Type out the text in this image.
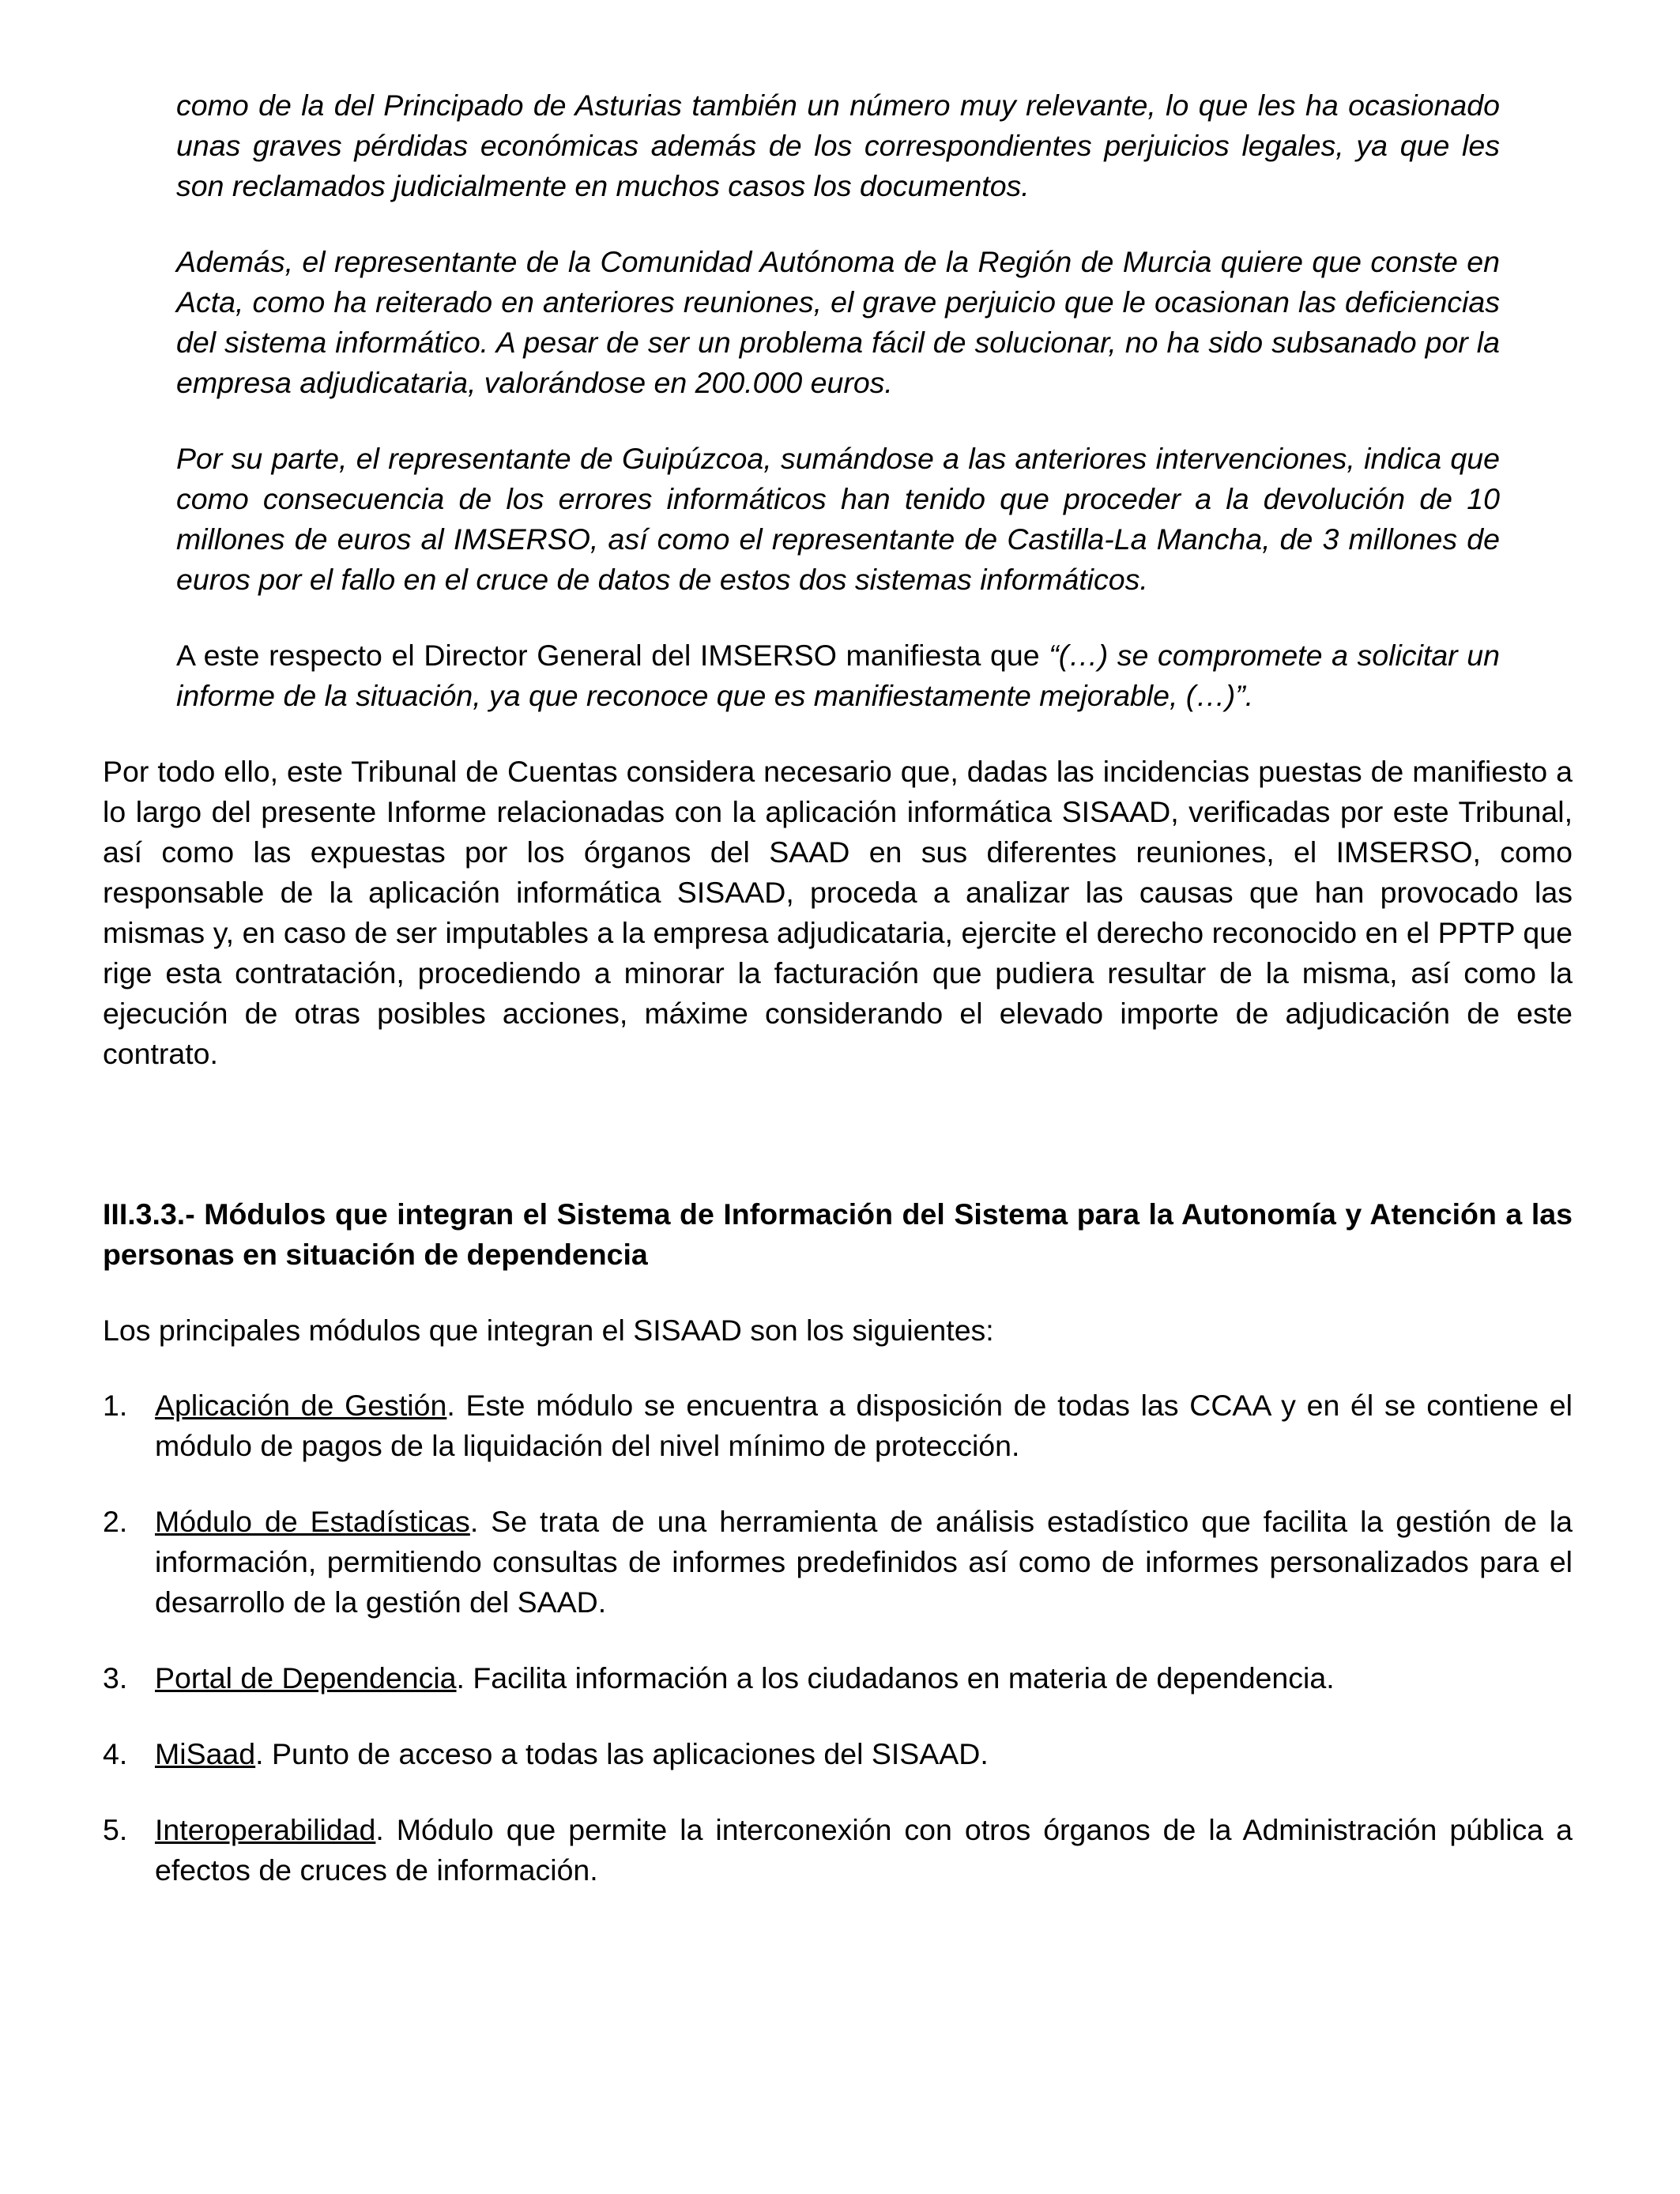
como de la del Principado de Asturias también un número muy relevante, lo que les ha ocasionado unas graves pérdidas económicas además de los correspondientes perjuicios legales, ya que les son reclamados judicialmente en muchos casos los documentos.

Además, el representante de la Comunidad Autónoma de la Región de Murcia quiere que conste en Acta, como ha reiterado en anteriores reuniones, el grave perjuicio que le ocasionan las deficiencias del sistema informático. A pesar de ser un problema fácil de solucionar, no ha sido subsanado por la empresa adjudicataria, valorándose en 200.000 euros.

Por su parte, el representante de Guipúzcoa, sumándose a las anteriores intervenciones, indica que como consecuencia de los errores informáticos han tenido que proceder a la devolución de 10 millones de euros al IMSERSO, así como el representante de Castilla-La Mancha, de 3 millones de euros por el fallo en el cruce de datos de estos dos sistemas informáticos.

A este respecto el Director General del IMSERSO manifiesta que “(…) se compromete a solicitar un informe de la situación, ya que reconoce que es manifiestamente mejorable, (…)”.

Por todo ello, este Tribunal de Cuentas considera necesario que, dadas las incidencias puestas de manifiesto a lo largo del presente Informe relacionadas con la aplicación informática SISAAD, verificadas por este Tribunal, así como las expuestas por los órganos del SAAD en sus diferentes reuniones, el IMSERSO, como responsable de la aplicación informática SISAAD, proceda a analizar las causas que han provocado las mismas y, en caso de ser imputables a la empresa adjudicataria, ejercite el derecho reconocido en el PPTP que rige esta contratación, procediendo a minorar la facturación que pudiera resultar de la misma, así como la ejecución de otras posibles acciones, máxime considerando el elevado importe de adjudicación de este contrato.

III.3.3.- Módulos que integran el Sistema de Información del Sistema para la Autonomía y Atención a las personas en situación de dependencia

Los principales módulos que integran el SISAAD son los siguientes:

1. Aplicación de Gestión. Este módulo se encuentra a disposición de todas las CCAA y en él se contiene el módulo de pagos de la liquidación del nivel mínimo de protección.
2. Módulo de Estadísticas. Se trata de una herramienta de análisis estadístico que facilita la gestión de la información, permitiendo consultas de informes predefinidos así como de informes personalizados para el desarrollo de la gestión del SAAD.
3. Portal de Dependencia. Facilita información a los ciudadanos en materia de dependencia.
4. MiSaad. Punto de acceso a todas las aplicaciones del SISAAD.
5. Interoperabilidad. Módulo que permite la interconexión con otros órganos de la Administración pública a efectos de cruces de información.
